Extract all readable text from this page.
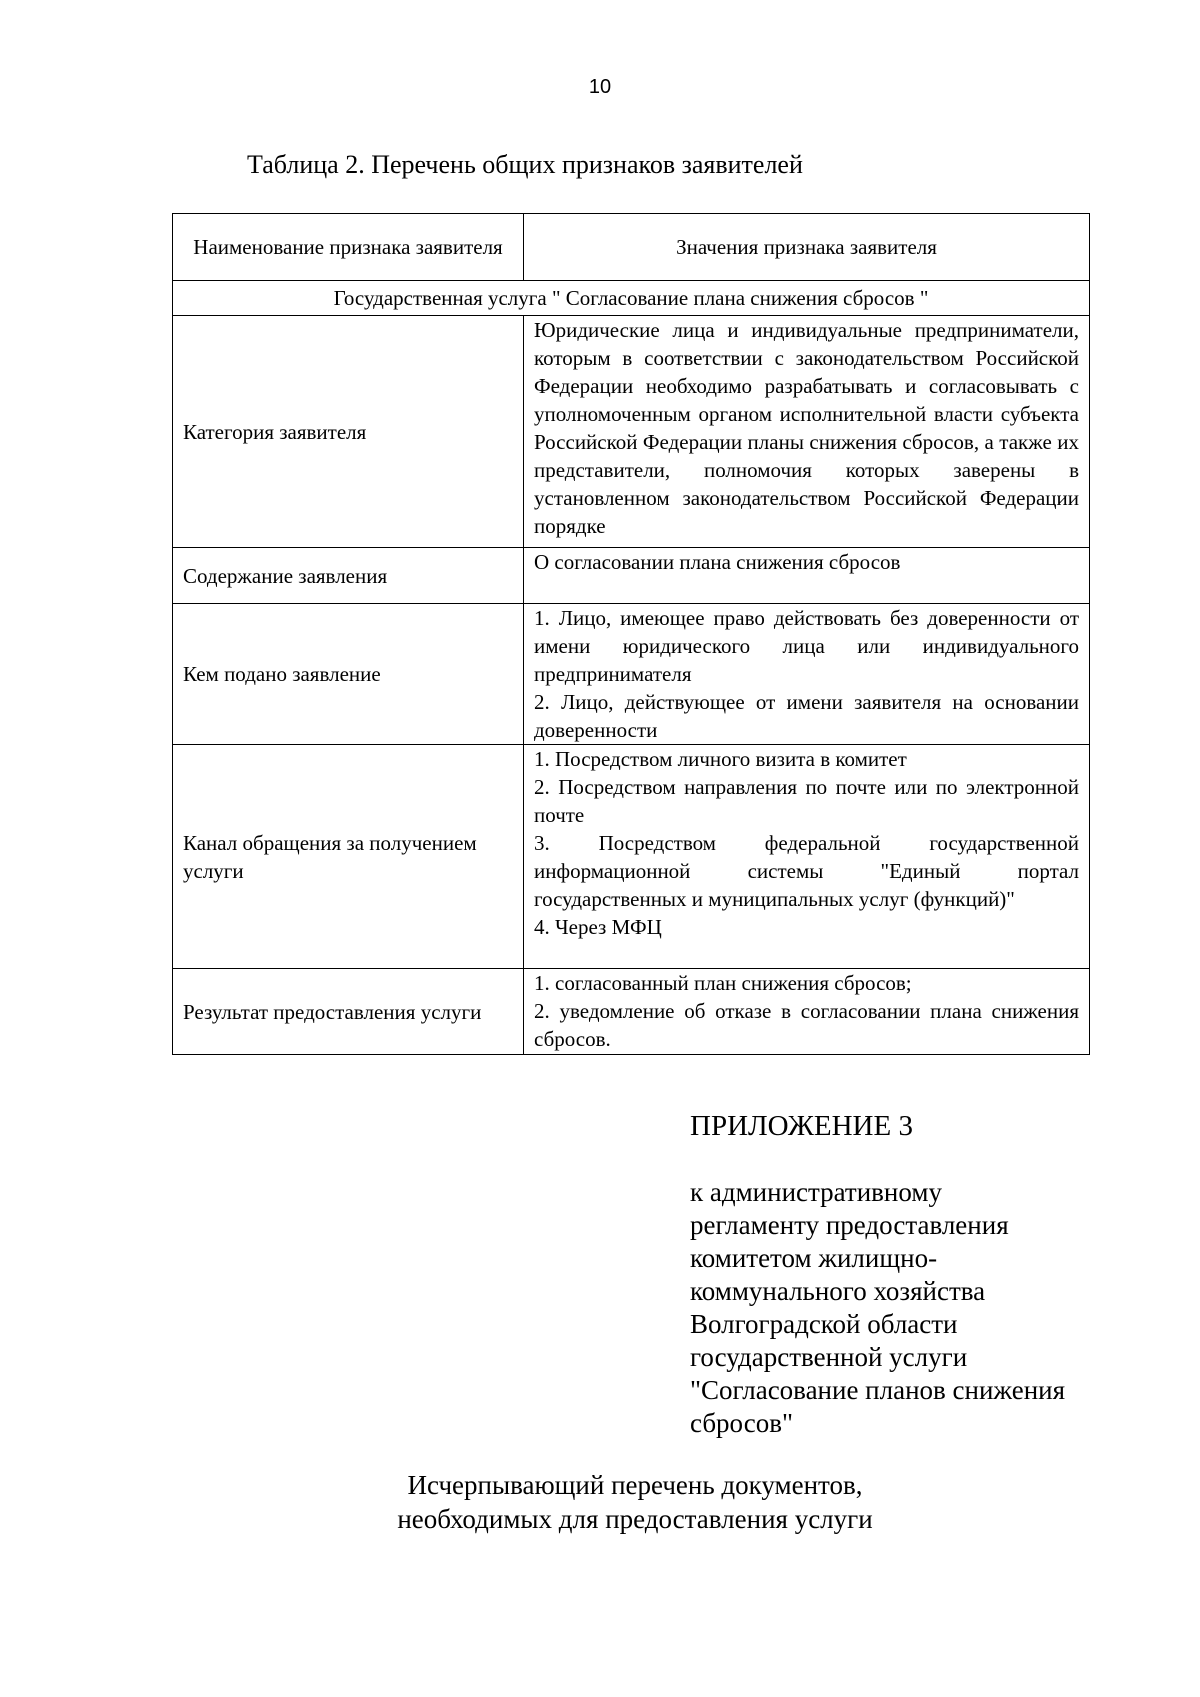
10
Таблица 2. Перечень общих признаков заявителей
Наименование признака заявителя	Значения признака заявителя
Государственная услуга " Согласование плана снижения сбросов "	
Категория заявителя	Юридические лица и индивидуальные предприниматели, которым в соответствии с законодательством Российской Федерации необходимо разрабатывать и согласовывать с уполномоченным органом исполнительной власти субъекта Российской Федерации планы снижения сбросов, а также их представители, полномочия которых заверены в установленном законодательством Российской Федерации порядке

Содержание заявления	О согласовании плана снижения сбросов

Кем подано заявление	1. Лицо, имеющее право действовать без доверенности от имени юридического лица или индивидуального предпринимателя
2. Лицо, действующее от имени заявителя на основании доверенности

Канал обращения за получением услуги	1. Посредством личного визита в комитет
2. Посредством направления по почте или по электронной почте
3. Посредством федеральной государственной информационной системы "Единый портал государственных и муниципальных услуг (функций)"
4. Через МФЦ

Результат предоставления услуги	1. согласованный план снижения сбросов;
2. уведомление об отказе в согласовании плана снижения сбросов.
ПРИЛОЖЕНИЕ 3
к административному
регламенту предоставления
комитетом жилищно-
коммунального хозяйства
Волгоградской области
государственной услуги
"Согласование планов снижения
сбросов"
Исчерпывающий перечень документов,
необходимых для предоставления услуги
